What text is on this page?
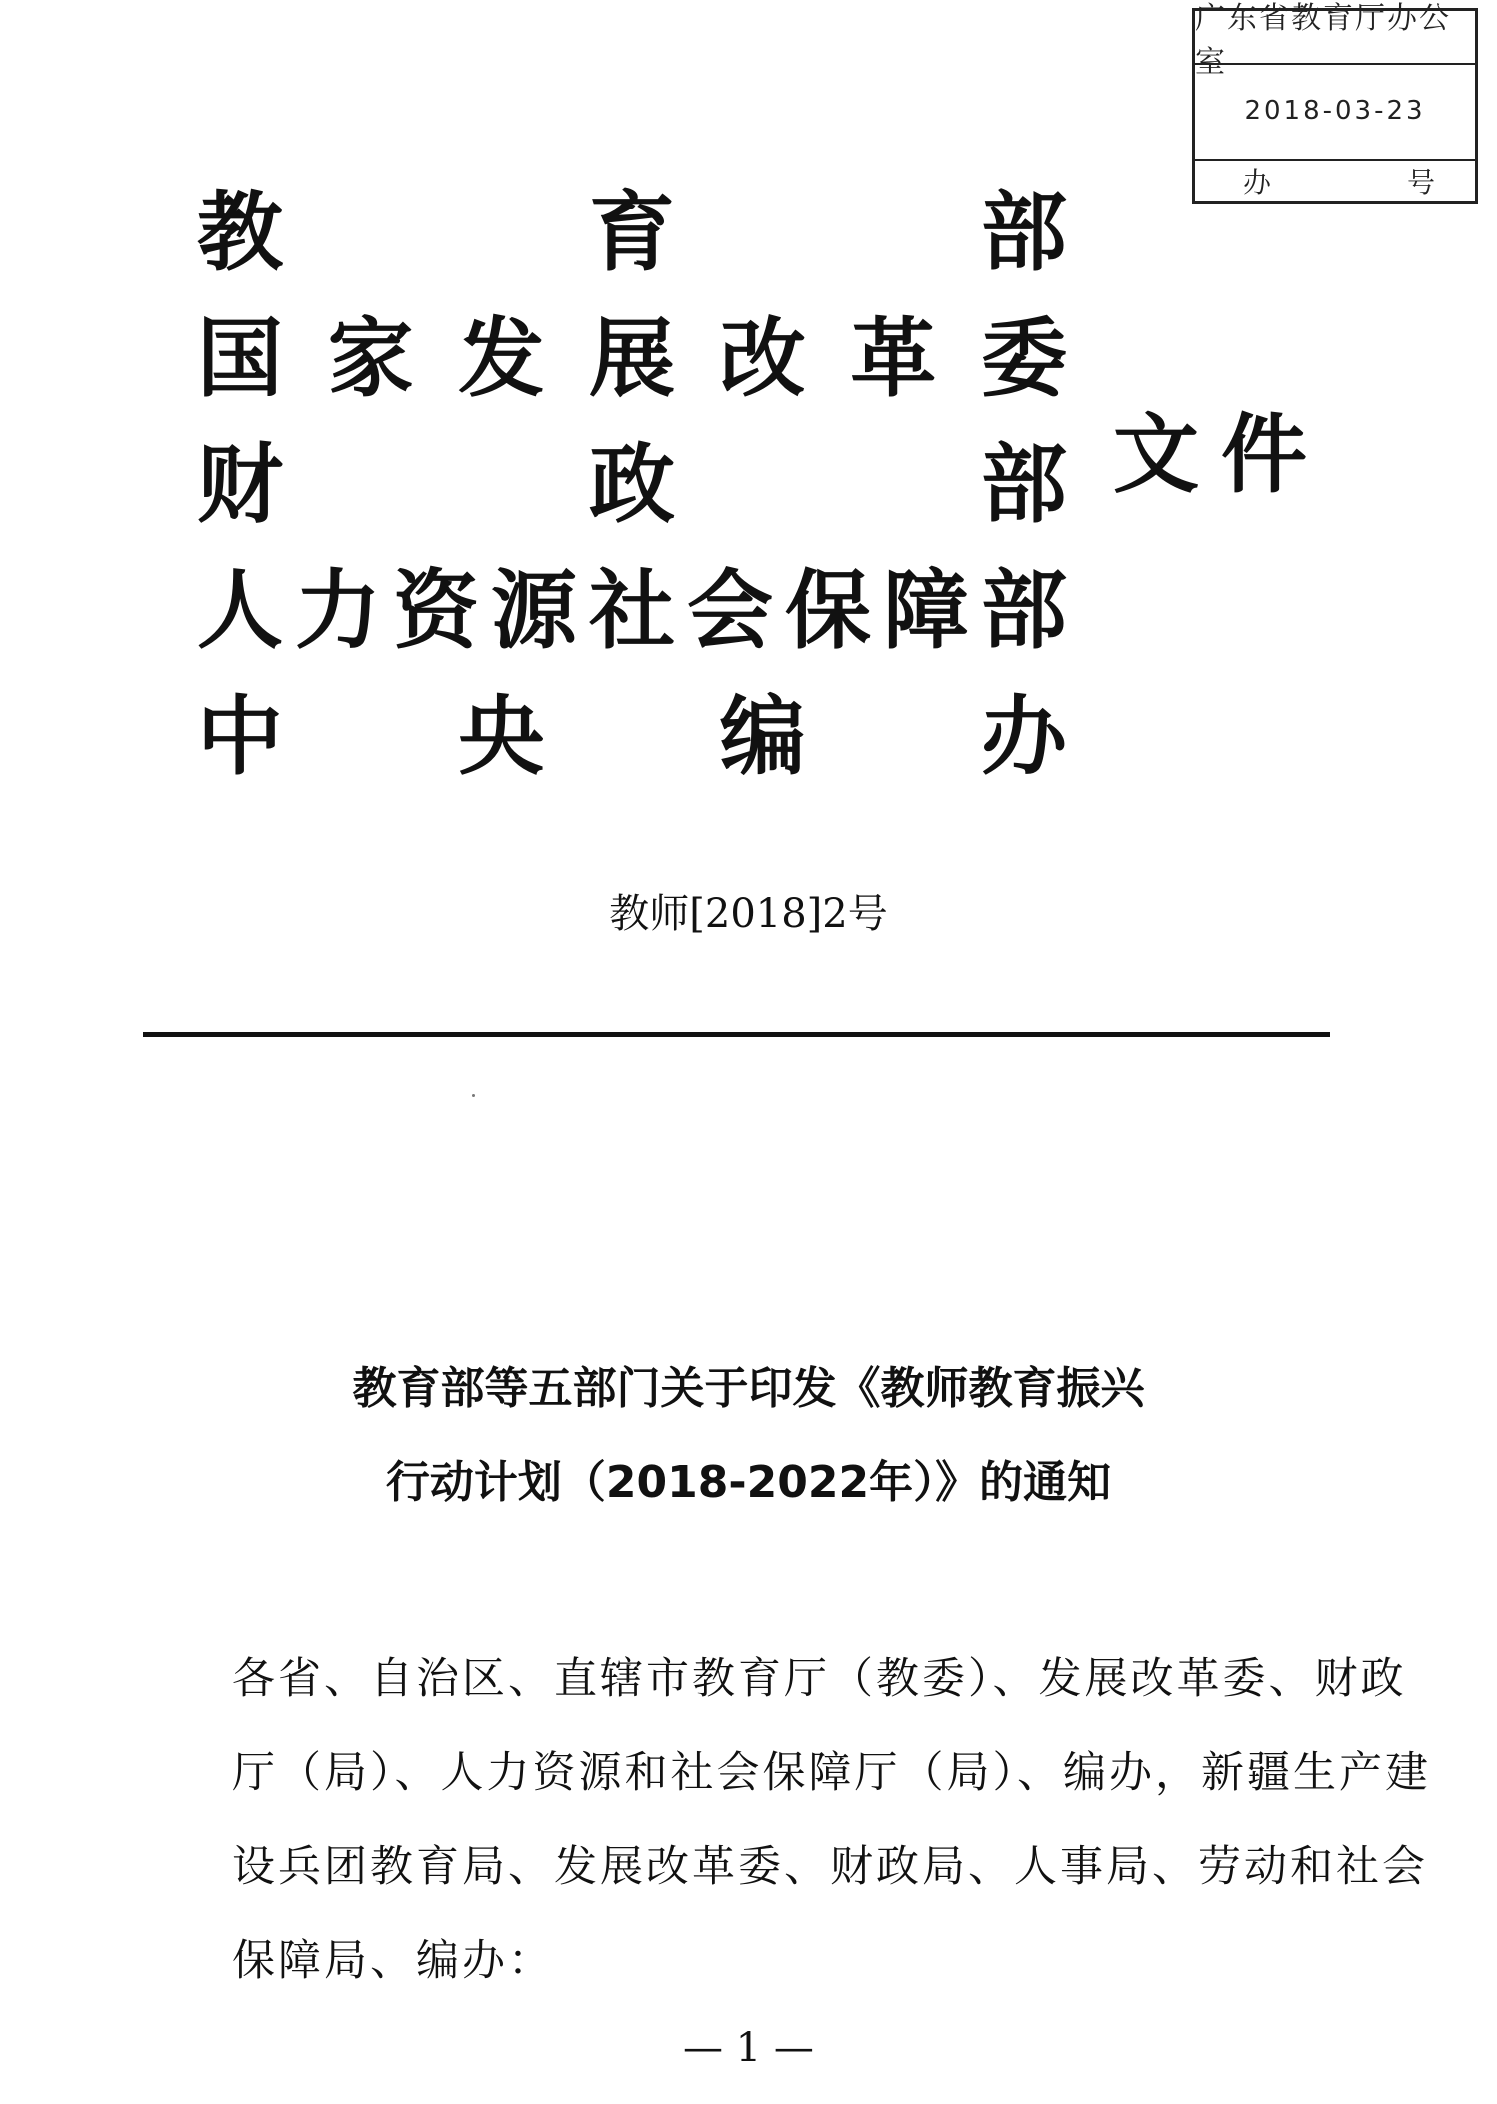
广东省教育厅办公室
2018-03-23
办	号
教	育	部
国 家 发 展 改 革 委
财	政	部
人 力 资 源 社 会 保 障 部
中 央 编 办
文件
教师[2018]2号
教育部等五部门关于印发《教师教育振兴
行动计划（2018-2022年）》的通知

各省、自治区、直辖市教育厅（教委）、发展改革委、财政

厅（局）、人力资源和社会保障厅（局）、编办，新疆生产建

设兵团教育局、发展改革委、财政局、人事局、劳动和社会

保障局、编办：

— 1 —
